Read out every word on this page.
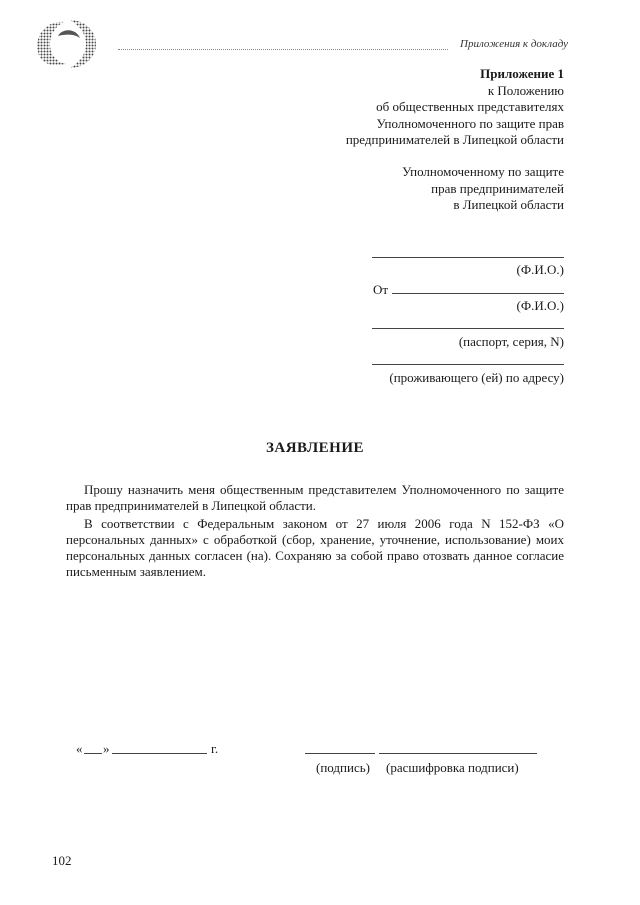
Приложения к докладу
Приложение 1
к Положению
об общественных представителях
Уполномоченного по защите прав
предпринимателей в Липецкой области
Уполномоченному по защите
прав предпринимателей
в Липецкой области
(Ф.И.О.)
От
(Ф.И.О.)
(паспорт, серия, N)
(проживающего (ей) по адресу)
ЗАЯВЛЕНИЕ
Прошу назначить меня общественным представителем Уполномоченного по защите прав предпринимателей в Липецкой области.
В соответствии с Федеральным законом от 27 июля 2006 года N 152-ФЗ «О персональных данных» с обработкой (сбор, хранение, уточнение, использование) моих персональных данных согласен (на). Сохраняю за собой право отозвать данное согласие письменным заявлением.
« »	г.
(подпись) (расшифровка подписи)
102
